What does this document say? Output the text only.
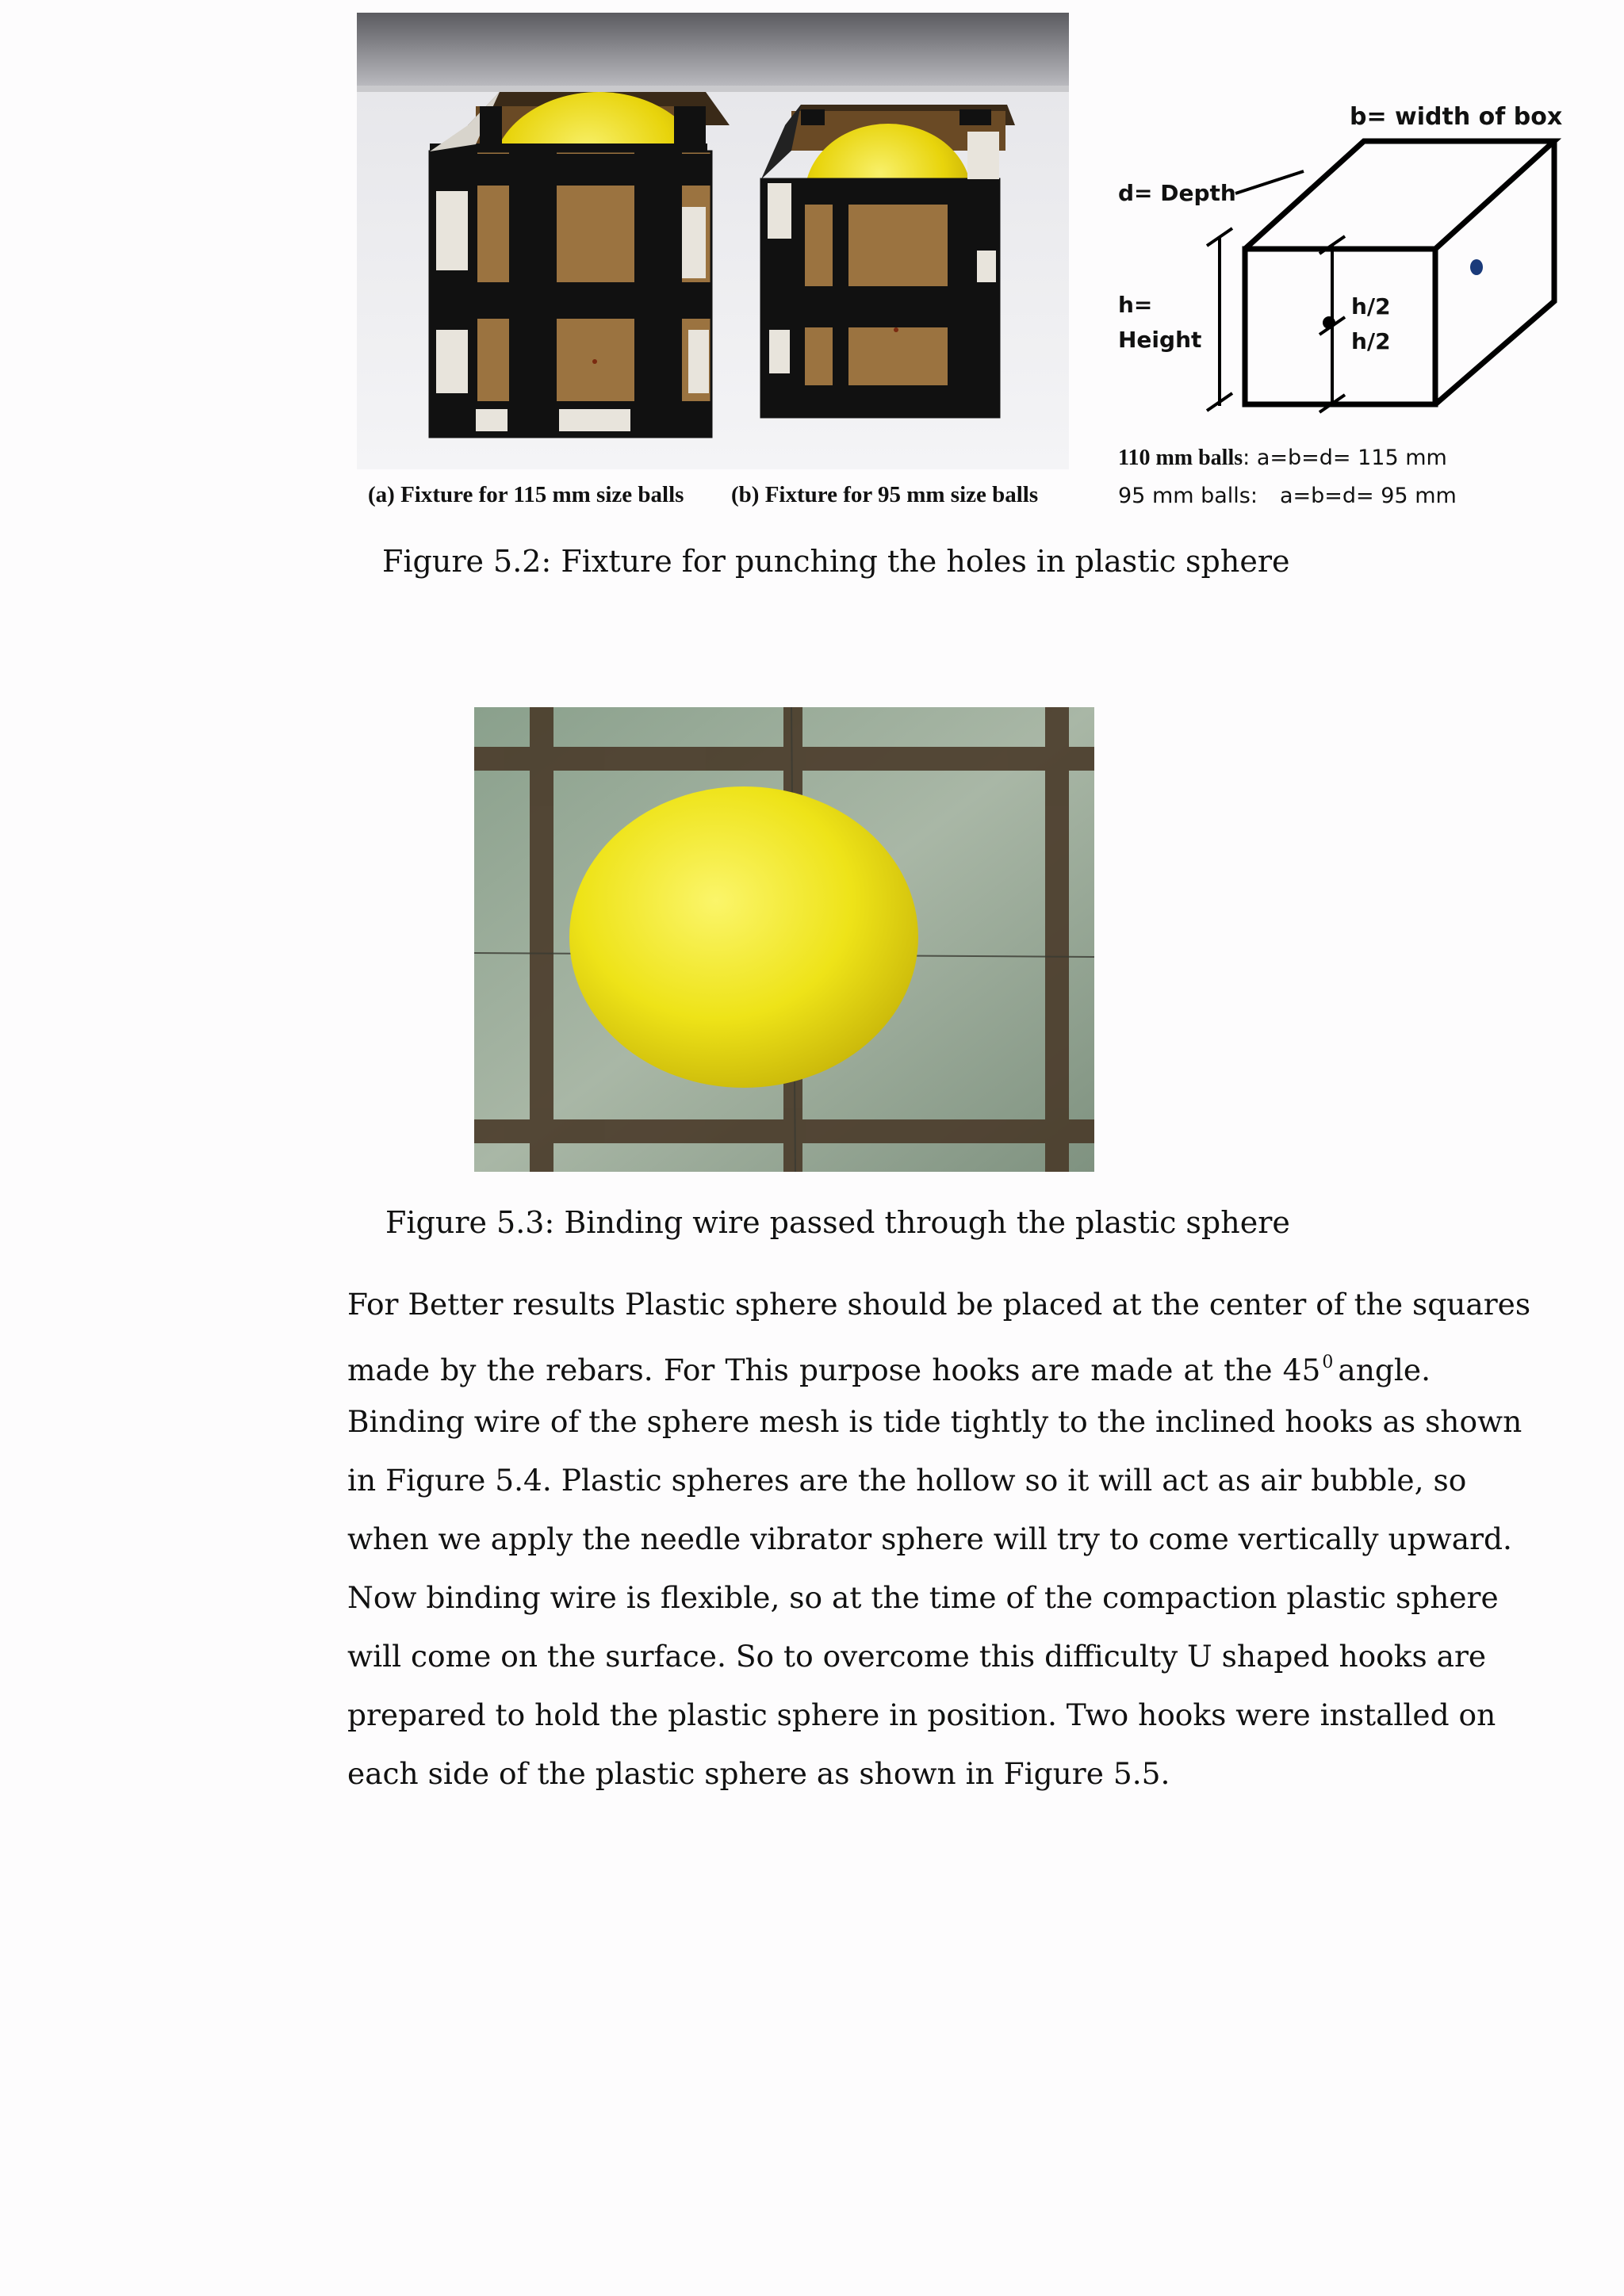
(a) Fixture for 115 mm size balls (b) Fixture for 95 mm size balls
b= width of box
d= Depth
h=
Height
h/2
h/2
110 mm balls: a=b=d= 115 mm
95 mm balls: a=b=d= 95 mm
Figure 5.2: Fixture for punching the holes in plastic sphere
Figure 5.3: Binding wire passed through the plastic sphere
For Better results Plastic sphere should be placed at the center of the squares
made by the rebars. For This purpose hooks are made at the $45^0$ angle.
Binding wire of the sphere mesh is tide tightly to the inclined hooks as shown
in Figure 5.4. Plastic spheres are the hollow so it will act as air bubble, so
when we apply the needle vibrator sphere will try to come vertically upward.
Now binding wire is flexible, so at the time of the compaction plastic sphere
will come on the surface. So to overcome this difficulty U shaped hooks are
prepared to hold the plastic sphere in position. Two hooks were installed on
each side of the plastic sphere as shown in Figure 5.5.
